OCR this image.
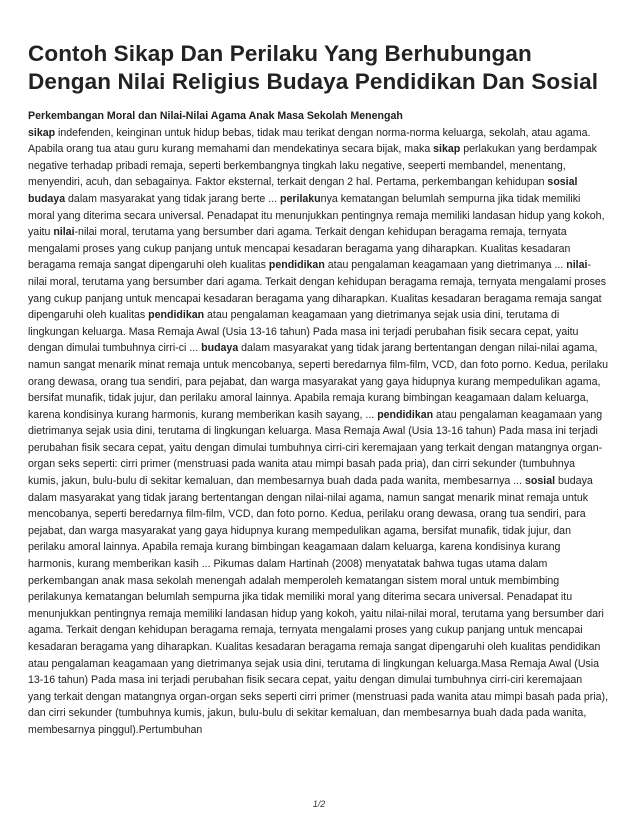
Contoh Sikap Dan Perilaku Yang Berhubungan Dengan Nilai Religius Budaya Pendidikan Dan Sosial

Perkembangan Moral dan Nilai-Nilai Agama Anak Masa Sekolah Menengah

sikap indefenden, keinginan untuk hidup bebas, tidak mau terikat dengan norma-norma keluarga, sekolah, atau agama. Apabila orang tua atau guru kurang memahami dan mendekatinya secara bijak, maka sikap perlakukan yang berdampak negative terhadap pribadi remaja, seperti berkembangnya tingkah laku negative, seeperti membandel, menentang, menyendiri, acuh, dan sebagainya. Faktor eksternal, terkait dengan 2 hal. Pertama, perkembangan kehidupan sosial budaya dalam masyarakat yang tidak jarang berte ... perilakunya kematangan belumlah sempurna jika tidak memiliki moral yang diterima secara universal. Penadapat itu menunjukkan pentingnya remaja memiliki landasan hidup yang kokoh, yaitu nilai-nilai moral, terutama yang bersumber dari agama. Terkait dengan kehidupan beragama remaja, ternyata mengalami proses yang cukup panjang untuk mencapai kesadaran beragama yang diharapkan. Kualitas kesadaran beragama remaja sangat dipengaruhi oleh kualitas pendidikan atau pengalaman keagamaan yang dietrimanya ... nilai-nilai moral, terutama yang bersumber dari agama. Terkait dengan kehidupan beragama remaja, ternyata mengalami proses yang cukup panjang untuk mencapai kesadaran beragama yang diharapkan. Kualitas kesadaran beragama remaja sangat dipengaruhi oleh kualitas pendidikan atau pengalaman keagamaan yang dietrimanya sejak usia dini, terutama di lingkungan keluarga. Masa Remaja Awal (Usia 13-16 tahun) Pada masa ini terjadi perubahan fisik secara cepat, yaitu dengan dimulai tumbuhnya cirri-ci ... budaya dalam masyarakat yang tidak jarang bertentangan dengan nilai-nilai agama, namun sangat menarik minat remaja untuk mencobanya, seperti beredarnya film-film, VCD, dan foto porno. Kedua, perilaku orang dewasa, orang tua sendiri, para pejabat, dan warga masyarakat yang gaya hidupnya kurang mempedulikan agama, bersifat munafik, tidak jujur, dan perilaku amoral lainnya. Apabila remaja kurang bimbingan keagamaan dalam keluarga, karena kondisinya kurang harmonis, kurang memberikan kasih sayang, ... pendidikan atau pengalaman keagamaan yang dietrimanya sejak usia dini, terutama di lingkungan keluarga. Masa Remaja Awal (Usia 13-16 tahun) Pada masa ini terjadi perubahan fisik secara cepat, yaitu dengan dimulai tumbuhnya cirri-ciri keremajaan yang terkait dengan matangnya organ-organ seks seperti: cirri primer (menstruasi pada wanita atau mimpi basah pada pria), dan cirri sekunder (tumbuhnya kumis, jakun, bulu-bulu di sekitar kemaluan, dan membesarnya buah dada pada wanita, membesarnya ... sosial budaya dalam masyarakat yang tidak jarang bertentangan dengan nilai-nilai agama, namun sangat menarik minat remaja untuk mencobanya, seperti beredarnya film-film, VCD, dan foto porno. Kedua, perilaku orang dewasa, orang tua sendiri, para pejabat, dan warga masyarakat yang gaya hidupnya kurang mempedulikan agama, bersifat munafik, tidak jujur, dan perilaku amoral lainnya. Apabila remaja kurang bimbingan keagamaan dalam keluarga, karena kondisinya kurang harmonis, kurang memberikan kasih ... Pikumas dalam Hartinah (2008) menyatatak bahwa tugas utama dalam perkembangan anak masa sekolah menengah adalah memperoleh kematangan sistem moral untuk membimbing perilakunya kematangan belumlah sempurna jika tidak memiliki moral yang diterima secara universal. Penadapat itu menunjukkan pentingnya remaja memiliki landasan hidup yang kokoh, yaitu nilai-nilai moral, terutama yang bersumber dari agama. Terkait dengan kehidupan beragama remaja, ternyata mengalami proses yang cukup panjang untuk mencapai kesadaran beragama yang diharapkan. Kualitas kesadaran beragama remaja sangat dipengaruhi oleh kualitas pendidikan atau pengalaman keagamaan yang dietrimanya sejak usia dini, terutama di lingkungan keluarga.Masa Remaja Awal (Usia 13-16 tahun) Pada masa ini terjadi perubahan fisik secara cepat, yaitu dengan dimulai tumbuhnya cirri-ciri keremajaan yang terkait dengan matangnya organ-organ seks seperti cirri primer (menstruasi pada wanita atau mimpi basah pada pria), dan cirri sekunder (tumbuhnya kumis, jakun, bulu-bulu di sekitar kemaluan, dan membesarnya buah dada pada wanita, membesarnya pinggul).Pertumbuhan

1/2
